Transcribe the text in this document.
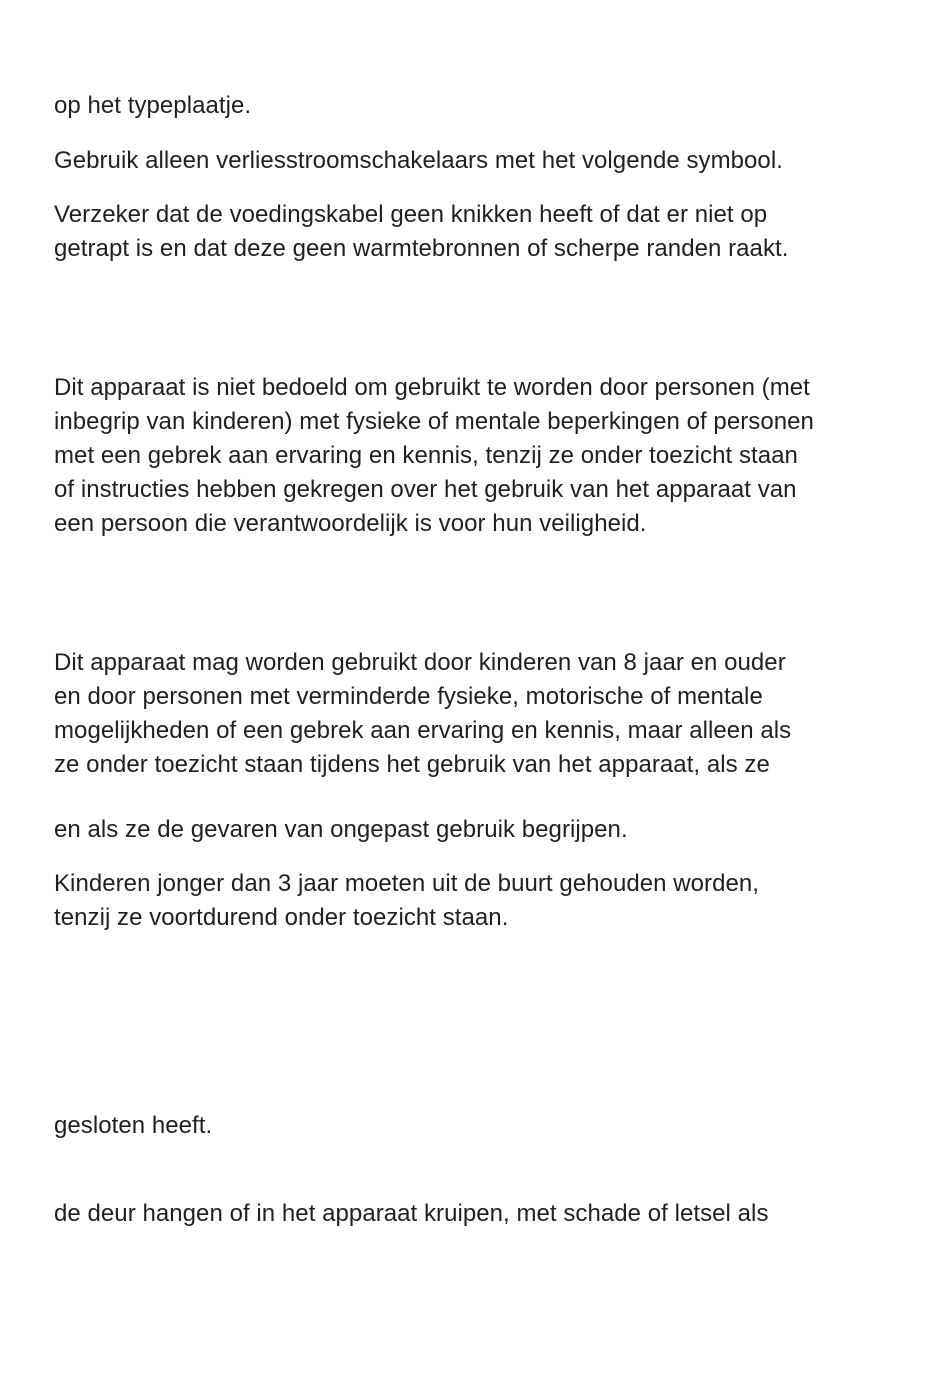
op het typeplaatje.

Gebruik alleen verliesstroomschakelaars met het volgende symbool.

Verzeker dat de voedingskabel geen knikken heeft of dat er niet op
getrapt is en dat deze geen warmtebronnen of scherpe randen raakt.

Dit apparaat is niet bedoeld om gebruikt te worden door personen (met
inbegrip van kinderen) met fysieke of mentale beperkingen of personen
met een gebrek aan ervaring en kennis, tenzij ze onder toezicht staan
of instructies hebben gekregen over het gebruik van het apparaat van
een persoon die verantwoordelijk is voor hun veiligheid.

Dit apparaat mag worden gebruikt door kinderen van 8 jaar en ouder
en door personen met verminderde fysieke, motorische of mentale
mogelijkheden of een gebrek aan ervaring en kennis, maar alleen als
ze onder toezicht staan tijdens het gebruik van het apparaat, als ze

en als ze de gevaren van ongepast gebruik begrijpen.

Kinderen jonger dan 3 jaar moeten uit de buurt gehouden worden,
tenzij ze voortdurend onder toezicht staan.

gesloten heeft.

de deur hangen of in het apparaat kruipen, met schade of letsel als
